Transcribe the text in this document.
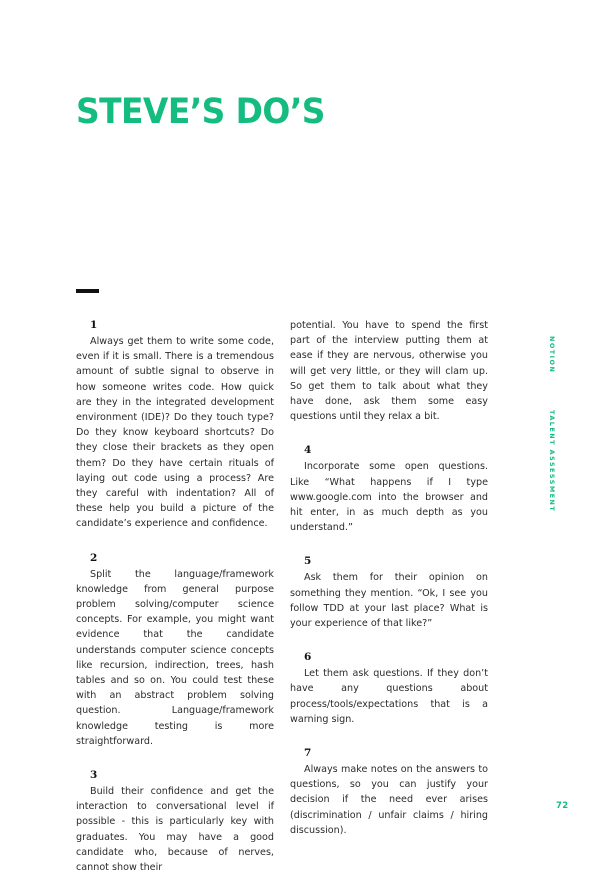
STEVE’S DO’S
1

Always get them to write some code, even if it is small. There is a tremendous amount of subtle signal to observe in how someone writes code. How quick are they in the integrated development environment (IDE)? Do they touch type? Do they know keyboard shortcuts? Do they close their brackets as they open them? Do they have certain rituals of laying out code using a process? Are they careful with indentation? All of these help you build a picture of the candidate’s experience and confidence.

2

Split the language/framework knowledge from general purpose problem solving/computer science concepts. For example, you might want evidence that the candidate understands computer science concepts like recursion, indirection, trees, hash tables and so on. You could test these with an abstract problem solving question. Language/framework knowledge testing is more straightforward.

3

Build their confidence and get the interaction to conversational level if possible - this is particularly key with graduates. You may have a good candidate who, because of nerves, cannot show their

potential. You have to spend the first part of the interview putting them at ease if they are nervous, otherwise you will get very little, or they will clam up. So get them to talk about what they have done, ask them some easy questions until they relax a bit.

4

Incorporate some open questions. Like “What happens if I type www.google.com into the browser and hit enter, in as much depth as you understand.”

5

Ask them for their opinion on something they mention. “Ok, I see you follow TDD at your last place? What is your experience of that like?”

6

Let them ask questions. If they don’t have any questions about process/tools/expectations that is a warning sign.

7

Always make notes on the answers to questions, so you can justify your decision if the need ever arises (discrimination / unfair claims / hiring discussion).

NOTION
TALENT ASSESSMENT
72
